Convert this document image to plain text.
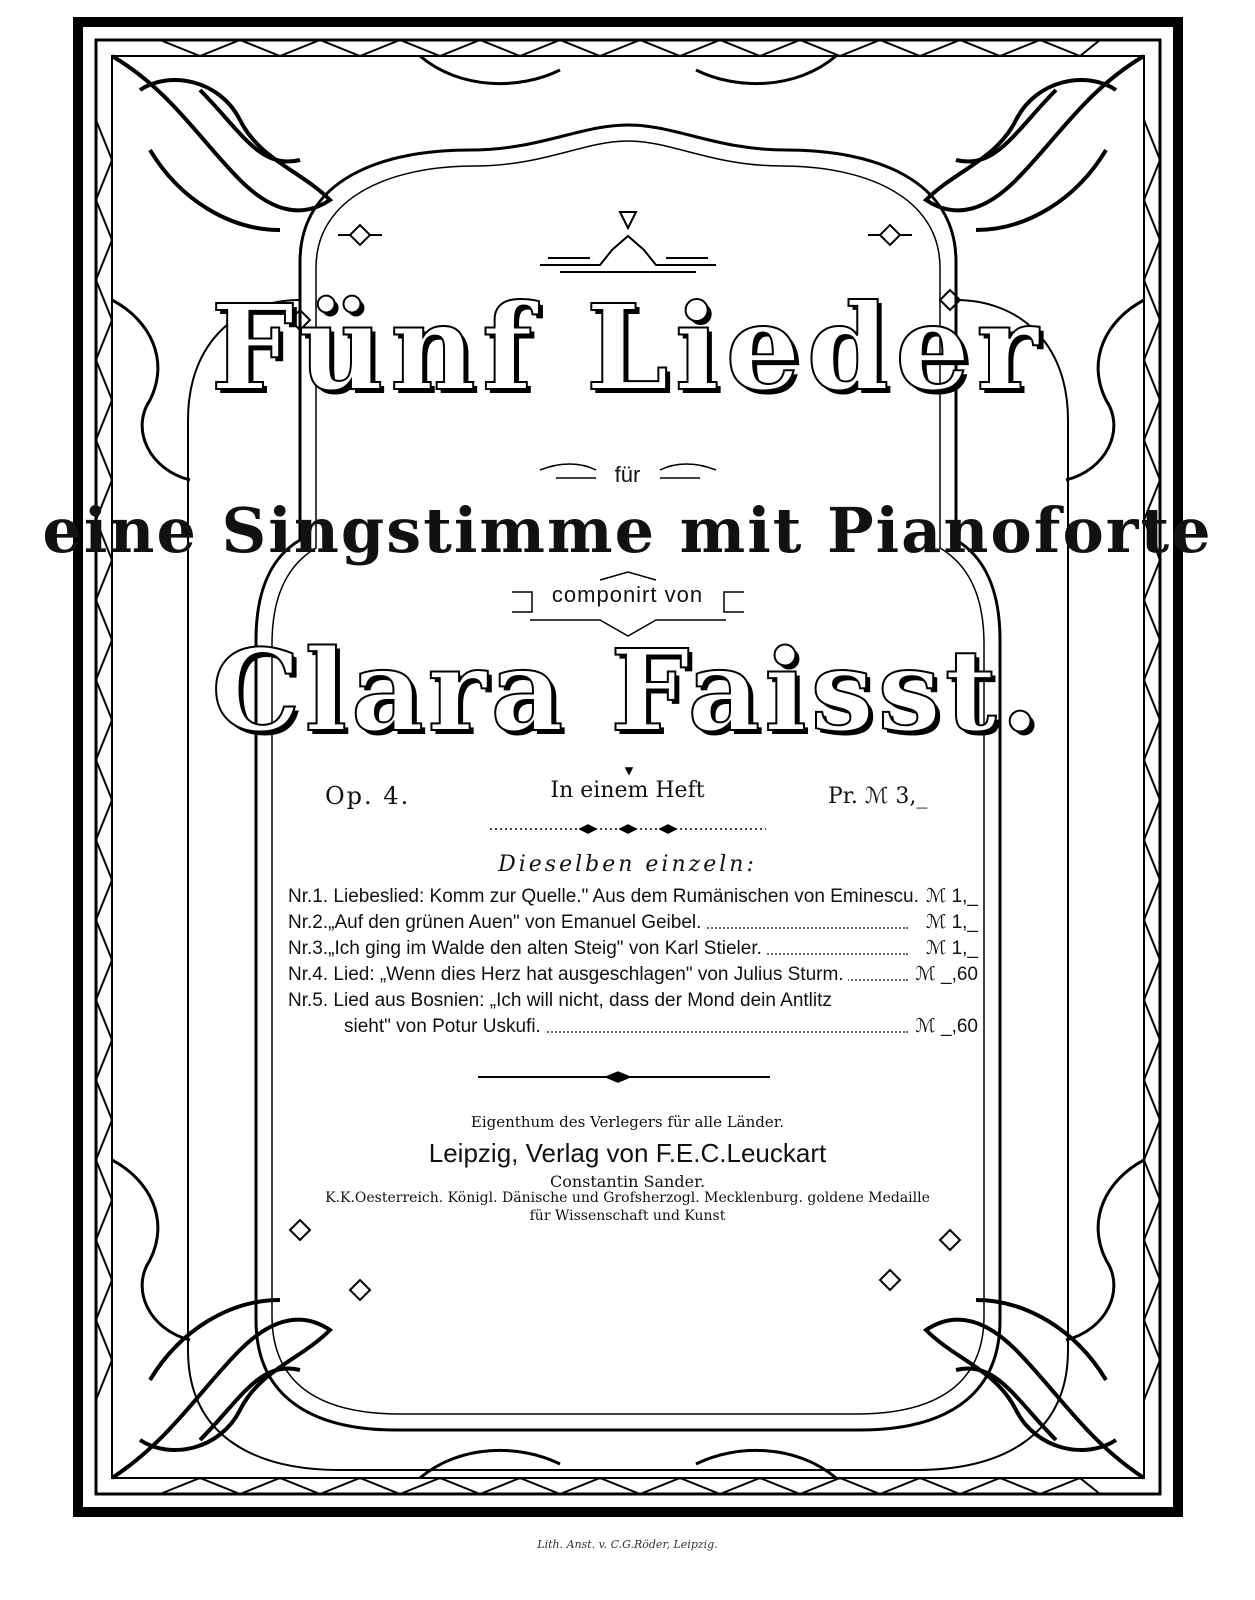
Fünf Lieder
für
eine Singstimme mit Pianoforte
componirt von
Clara Faisst.
Op. 4.	In einem Heft	Pr. ℳ 3,_
Dieselben einzeln:
Nr.1. Liebeslied: Komm zur Quelle." Aus dem Rumänischen von Eminescu. ℳ 1,_
Nr.2.„Auf den grünen Auen" von Emanuel Geibel.	ℳ 1,_
Nr.3.„Ich ging im Walde den alten Steig" von Karl Stieler.	ℳ 1,_
Nr.4. Lied: „Wenn dies Herz hat ausgeschlagen" von Julius Sturm.	ℳ _,60
Nr.5. Lied aus Bosnien: „Ich will nicht, dass der Mond dein Antlitz
sieht" von Potur Uskufi.	ℳ _,60
Eigenthum des Verlegers für alle Länder.
Leipzig, Verlag von F.E.C.Leuckart
Constantin Sander.
K.K.Oesterreich. Königl. Dänische und Grofsherzogl. Mecklenburg. goldene Medaille
für Wissenschaft und Kunst
Lith. Anst. v. C.G.Röder, Leipzig.
